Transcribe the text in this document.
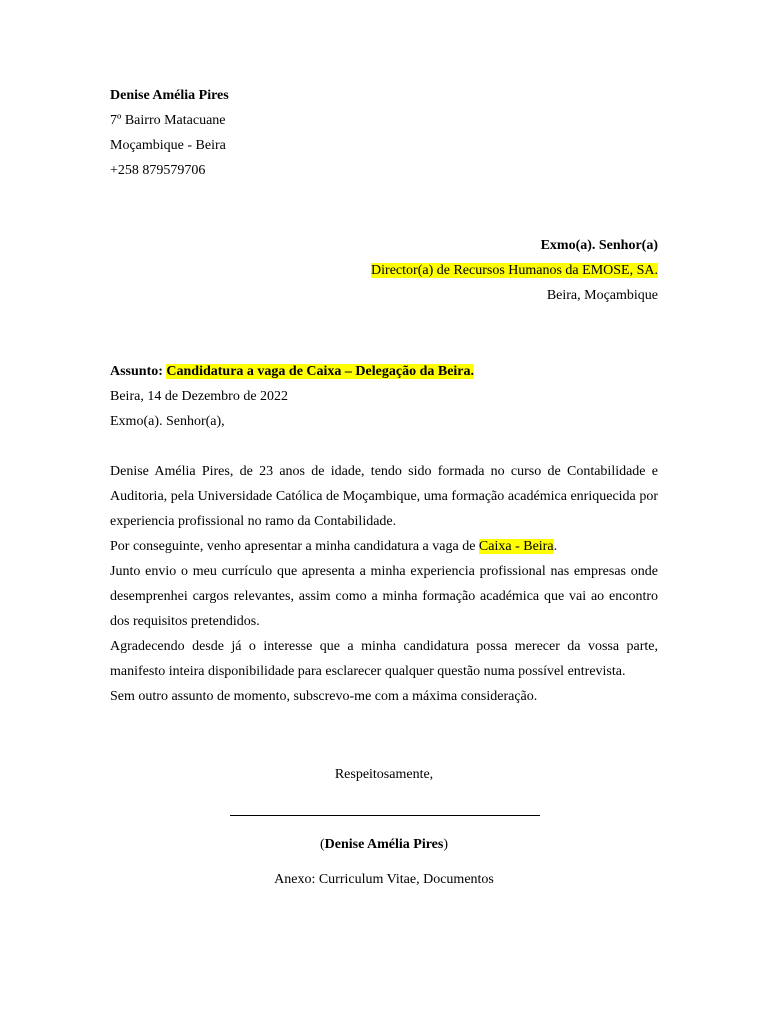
Denise Amélia Pires
7º Bairro Matacuane
Moçambique - Beira
+258 879579706
Exmo(a). Senhor(a)
Director(a) de Recursos Humanos da EMOSE, SA.
Beira, Moçambique
Assunto: Candidatura a vaga de Caixa – Delegação da Beira.
Beira, 14 de Dezembro de 2022
Exmo(a). Senhor(a),
Denise Amélia Pires, de 23 anos de idade, tendo sido formada no curso de Contabilidade e Auditoria, pela Universidade Católica de Moçambique, uma formação académica enriquecida por experiencia profissional no ramo da Contabilidade.
Por conseguinte, venho apresentar a minha candidatura a vaga de Caixa - Beira.
Junto envio o meu currículo que apresenta a minha experiencia profissional nas empresas onde desemprenhei cargos relevantes, assim como a minha formação académica que vai ao encontro dos requisitos pretendidos.
Agradecendo desde já o interesse que a minha candidatura possa merecer da vossa parte, manifesto inteira disponibilidade para esclarecer qualquer questão numa possível entrevista.
Sem outro assunto de momento, subscrevo-me com a máxima consideração.
Respeitosamente,
(Denise Amélia Pires)
Anexo: Curriculum Vitae, Documentos
